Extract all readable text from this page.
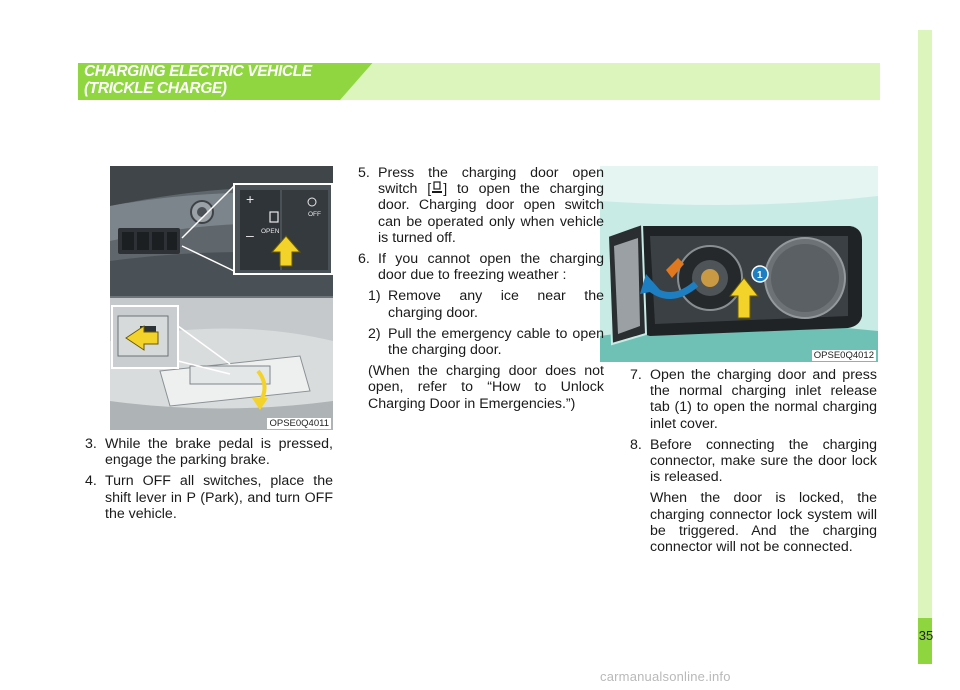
35
CHARGING ELECTRIC VEHICLE
(TRICKLE CHARGE)
+
– OPEN
OFF
OPSE0Q4011
1
OPSE0Q4012
3. While the brake pedal is pressed, engage the parking brake.
4. Turn OFF all switches, place the shift lever in P (Park), and turn OFF the vehicle.
5. Press the charging door open switch [ ] to open the charging door. Charging door open switch can be operated only when vehicle is turned off.
6. If you cannot open the charging door due to freezing weather :
1) Remove any ice near the charging door.
2) Pull the emergency cable to open the charging door.

(When the charging door does not open, refer to “How to Unlock Charging Door in Emergencies.”)

7. Open the charging door and press the normal charging inlet release tab (1) to open the normal charging inlet cover.
8. Before connecting the charging connector, make sure the door lock is released.

When the door is locked, the charging connector lock system will be triggered. And the charging connector will not be connected.

carmanualsonline.info
